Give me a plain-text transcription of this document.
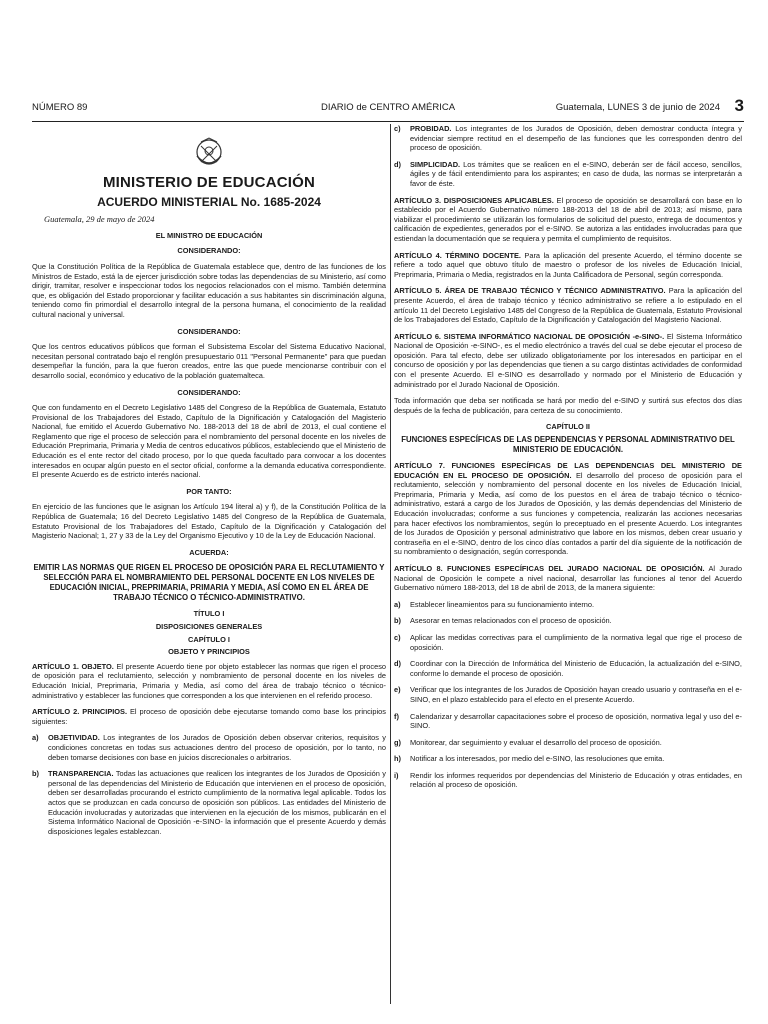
NÚMERO 89	DIARIO de CENTRO AMÉRICA	Guatemala, LUNES 3 de junio de 2024 3
MINISTERIO DE EDUCACIÓN
ACUERDO MINISTERIAL No. 1685-2024
Guatemala, 29 de mayo de 2024
EL MINISTRO DE EDUCACIÓN
CONSIDERANDO:

Que la Constitución Política de la República de Guatemala establece que, dentro de las funciones de los Ministros de Estado, está la de ejercer jurisdicción sobre todas las dependencias de su Ministerio, así como dirigir, tramitar, resolver e inspeccionar todos los negocios relacionados con el mismo. También determina que, es obligación del Estado proporcionar y facilitar educación a sus habitantes sin discriminación alguna, teniendo como fin primordial el desarrollo integral de la persona humana, el conocimiento de la realidad cultural nacional y universal.

CONSIDERANDO:

Que los centros educativos públicos que forman el Subsistema Escolar del Sistema Educativo Nacional, necesitan personal contratado bajo el renglón presupuestario 011 "Personal Permanente" para que puedan desempeñar la función, para la que fueron creados, entre las que puede mencionarse contribuir con el desarrollo social, económico y educativo de la población guatemalteca.

CONSIDERANDO:

Que con fundamento en el Decreto Legislativo 1485 del Congreso de la República de Guatemala, Estatuto Provisional de los Trabajadores del Estado, Capítulo de la Dignificación y Catalogación del Magisterio Nacional, fue emitido el Acuerdo Gubernativo No. 188-2013 del 18 de abril de 2013, el cual contiene el Reglamento que rige el proceso de selección para el nombramiento del personal docente en los niveles de Educación Preprimaria, Primaria y Media de centros educativos públicos, estableciendo que el Ministerio de Educación es el ente rector del citado proceso, por lo que queda facultado para convocar a los docentes interesados en ocupar algún puesto en el sector oficial, conforme a la demanda educativa correspondiente. El presente Acuerdo es de estricto interés nacional.

POR TANTO:

En ejercicio de las funciones que le asignan los Artículo 194 literal a) y f), de la Constitución Política de la República de Guatemala; 16 del Decreto Legislativo 1485 del Congreso de la República de Guatemala, Estatuto Provisional de los Trabajadores del Estado, Capítulo de la Dignificación y Catalogación del Magisterio Nacional; 1, 27 y 33 de la Ley del Organismo Ejecutivo y 10 de la Ley de Educación Nacional.

ACUERDA:
EMITIR LAS NORMAS QUE RIGEN EL PROCESO DE OPOSICIÓN PARA EL RECLUTAMIENTO Y SELECCIÓN PARA EL NOMBRAMIENTO DEL PERSONAL DOCENTE EN LOS NIVELES DE EDUCACIÓN INICIAL, PREPRIMARIA, PRIMARIA Y MEDIA, ASÍ COMO EN EL ÁREA DE TRABAJO TÉCNICO O TÉCNICO-ADMINISTRATIVO.
TÍTULO I
DISPOSICIONES GENERALES
CAPÍTULO I
OBJETO Y PRINCIPIOS

ARTÍCULO 1. OBJETO. El presente Acuerdo tiene por objeto establecer las normas que rigen el proceso de oposición para el reclutamiento, selección y nombramiento de personal docente en los niveles de Educación Inicial, Preprimaria, Primaria y Media, así como del área de trabajo técnico o técnico-administrativo y establecer las funciones que corresponden a los que intervienen en el referido proceso.

ARTÍCULO 2. PRINCIPIOS. El proceso de oposición debe ejecutarse tomando como base los principios siguientes:

a)	OBJETIVIDAD. Los integrantes de los Jurados de Oposición deben observar criterios, requisitos y condiciones concretas en todas sus actuaciones dentro del proceso de oposición, por lo tanto, no deben tomarse decisiones con base en juicios discrecionales o arbitrarios.
b)	TRANSPARENCIA. Todas las actuaciones que realicen los integrantes de los Jurados de Oposición y personal de las dependencias del Ministerio de Educación que intervienen en el proceso de oposición, deben ser desarrolladas procurando el estricto cumplimiento de la normativa legal aplicable. Todos los actos que se produzcan en cada concurso de oposición son públicos. Las entidades del Ministerio de Educación involucradas y autorizadas que intervienen en la ejecución de los mismos, publicarán en el Sistema Informático Nacional de Oposición -e-SINO- la información que el presente Acuerdo y demás disposiciones legales establezcan.
c)	PROBIDAD. Los integrantes de los Jurados de Oposición, deben demostrar conducta íntegra y evidenciar siempre rectitud en el desempeño de las funciones que les corresponden dentro del proceso de oposición.
d)	SIMPLICIDAD. Los trámites que se realicen en el e-SINO, deberán ser de fácil acceso, sencillos, ágiles y de fácil entendimiento para los aspirantes; en caso de duda, las normas se interpretarán a favor de éste.

ARTÍCULO 3. DISPOSICIONES APLICABLES. El proceso de oposición se desarrollará con base en lo establecido por el Acuerdo Gubernativo número 188-2013 del 18 de abril de 2013; así mismo, para viabilizar el procedimiento se utilizarán los formularios de solicitud del puesto, entrega de documentos y calificación de expedientes, generados por el e-SINO. Se autoriza a las entidades involucradas para que estiendan la documentación que se requiera y permita el cumplimiento de requisitos.

ARTÍCULO 4. TÉRMINO DOCENTE. Para la aplicación del presente Acuerdo, el término docente se refiere a todo aquel que obtuvo título de maestro o profesor de los niveles de Educación Inicial, Preprimaria, Primaria o Media, registrados en la Junta Calificadora de Personal, según corresponda.

ARTÍCULO 5. ÁREA DE TRABAJO TÉCNICO Y TÉCNICO ADMINISTRATIVO. Para la aplicación del presente Acuerdo, el área de trabajo técnico y técnico administrativo se refiere a lo estipulado en el artículo 11 del Decreto Legislativo 1485 del Congreso de la República de Guatemala, Estatuto Provisional de los Trabajadores del Estado, Capítulo de la Dignificación y Catalogación del Magisterio Nacional.

ARTÍCULO 6. SISTEMA INFORMÁTICO NACIONAL DE OPOSICIÓN -e-SINO-. El Sistema Informático Nacional de Oposición -e-SINO-, es el medio electrónico a través del cual se debe ejecutar el proceso de oposición. Para tal efecto, debe ser utilizado obligatoriamente por los interesados en participar en el concurso de oposición y por las dependencias que tienen a su cargo distintas actividades de conformidad con el presente Acuerdo. El e-SINO es desarrollado y normado por el Ministerio de Educación y administrado por el Jurado Nacional de Oposición.

Toda información que deba ser notificada se hará por medio del e-SINO y surtirá sus efectos dos días después de la fecha de publicación, para certeza de su conocimiento.

CAPÍTULO II
FUNCIONES ESPECÍFICAS DE LAS DEPENDENCIAS Y PERSONAL ADMINISTRATIVO DEL MINISTERIO DE EDUCACIÓN.

ARTÍCULO 7. FUNCIONES ESPECÍFICAS DE LAS DEPENDENCIAS DEL MINISTERIO DE EDUCACIÓN EN EL PROCESO DE OPOSICIÓN. El desarrollo del proceso de oposición para el reclutamiento, selección y nombramiento del personal docente en los niveles de Educación Inicial, Preprimaria, Primaria y Media, así como de los puestos en el área de trabajo técnico o técnico-administrativo, estará a cargo de los Jurados de Oposición, y las demás dependencias del Ministerio de Educación involucradas; conforme a sus funciones y competencia, realizarán las acciones necesarias para hacer efectivos los nombramientos, según lo preceptuado en el presente Acuerdo. Los integrantes de los Jurados de Oposición y personal administrativo que labore en los mismos, deben crear usuario y contraseña en el e-SINO, dentro de los cinco días contados a partir del día siguiente de la notificación de su nombramiento o designación, según corresponda.

ARTÍCULO 8. FUNCIONES ESPECÍFICAS DEL JURADO NACIONAL DE OPOSICIÓN. Al Jurado Nacional de Oposición le compete a nivel nacional, desarrollar las funciones al tenor del Acuerdo Gubernativo número 188-2013, del 18 de abril de 2013, de la manera siguiente:

a)	Establecer lineamientos para su funcionamiento interno.
b)	Asesorar en temas relacionados con el proceso de oposición.
c)	Aplicar las medidas correctivas para el cumplimiento de la normativa legal que rige el proceso de oposición.
d)	Coordinar con la Dirección de Informática del Ministerio de Educación, la actualización del e-SINO, conforme lo demande el proceso de oposición.
e)	Verificar que los integrantes de los Jurados de Oposición hayan creado usuario y contraseña en el e-SINO, en el plazo establecido para el efecto en el presente Acuerdo.
f)	Calendarizar y desarrollar capacitaciones sobre el proceso de oposición, normativa legal y uso del e-SINO.
g)	Monitorear, dar seguimiento y evaluar el desarrollo del proceso de oposición.
h)	Notificar a los interesados, por medio del e-SINO, las resoluciones que emita.
i)	Rendir los informes requeridos por dependencias del Ministerio de Educación y otras entidades, en relación al proceso de oposición.
